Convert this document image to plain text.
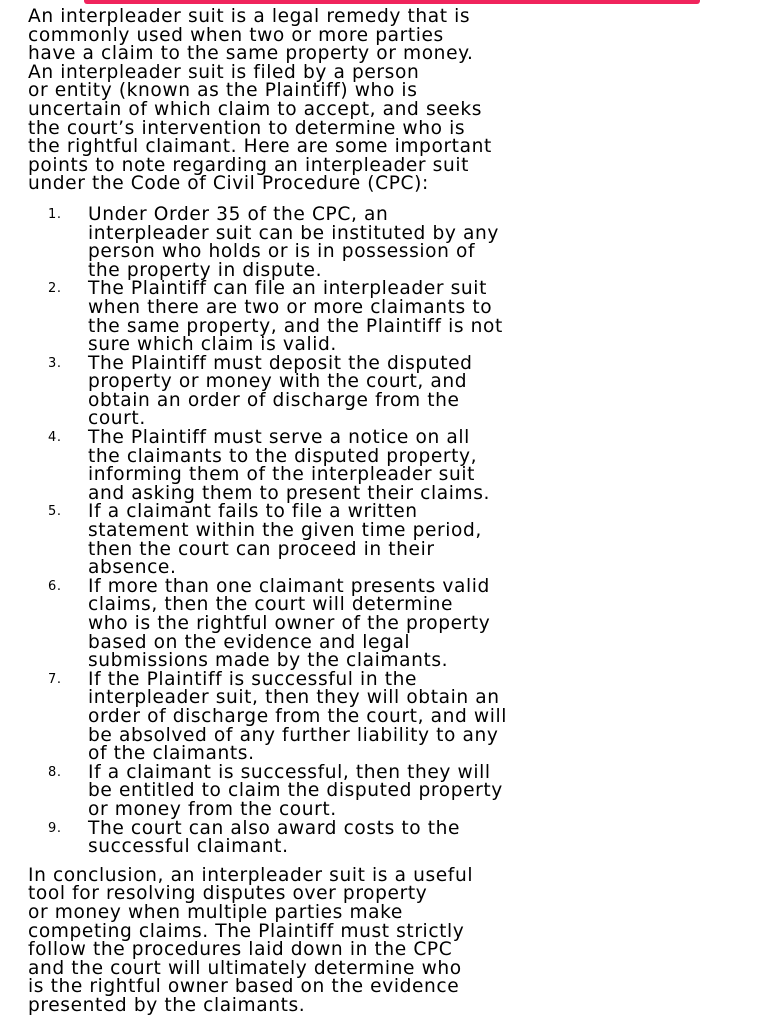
An interpleader suit is a legal remedy that is
commonly used when two or more parties
have a claim to the same property or money.
An interpleader suit is filed by a person
or entity (known as the Plaintiff) who is
uncertain of which claim to accept, and seeks
the court’s intervention to determine who is
the rightful claimant. Here are some important
points to note regarding an interpleader suit
under the Code of Civil Procedure (CPC):

1.	Under Order 35 of the CPC, an
interpleader suit can be instituted by any
person who holds or is in possession of
the property in dispute.
2.	The Plaintiff can file an interpleader suit
when there are two or more claimants to
the same property, and the Plaintiff is not
sure which claim is valid.
3.	The Plaintiff must deposit the disputed
property or money with the court, and
obtain an order of discharge from the
court.
4.	The Plaintiff must serve a notice on all
the claimants to the disputed property,
informing them of the interpleader suit
and asking them to present their claims.
5.	If a claimant fails to file a written
statement within the given time period,
then the court can proceed in their
absence.
6.	If more than one claimant presents valid
claims, then the court will determine
who is the rightful owner of the property
based on the evidence and legal
submissions made by the claimants.
7.	If the Plaintiff is successful in the
interpleader suit, then they will obtain an
order of discharge from the court, and will
be absolved of any further liability to any
of the claimants.
8.	If a claimant is successful, then they will
be entitled to claim the disputed property
or money from the court.
9.	The court can also award costs to the
successful claimant.

In conclusion, an interpleader suit is a useful
tool for resolving disputes over property
or money when multiple parties make
competing claims. The Plaintiff must strictly
follow the procedures laid down in the CPC
and the court will ultimately determine who
is the rightful owner based on the evidence
presented by the claimants.
